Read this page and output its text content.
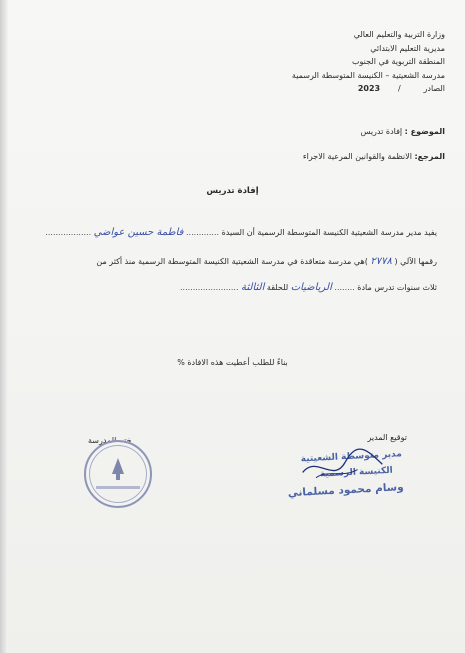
وزارة التربية والتعليم العالي
مديرية التعليم الابتدائي
المنطقة التربوية في الجنوب
مدرسة الشعيتية – الكنيسة المتوسطة الرسمية
الصادر         /       2023
الموضوع : إفادة تدريس
المرجع: الانظمة والقوانين المرعية الاجراء
إفادة تدريس
يفيد مدير مدرسة الشعيتية الكنيسة المتوسطة الرسمية أن السيدة ............. فاطمة حسين عواضي ..................
رقمها الآلي ( ٢٧٧٨ )هي مدرسة متعاقدة في مدرسة الشعيتية الكنيسة المتوسطة الرسمية منذ أكثر من
ثلاث سنوات تدرس مادة ........ الرياضيات للحلقة الثالثة .......................
بناءً للطلب أعطيت هذه الافادة %
توقيع المدير
ختم المدرسة
مدير متوسطة الشعيتية
الكنيسة الرسمية
وسام محمود مسلماني
